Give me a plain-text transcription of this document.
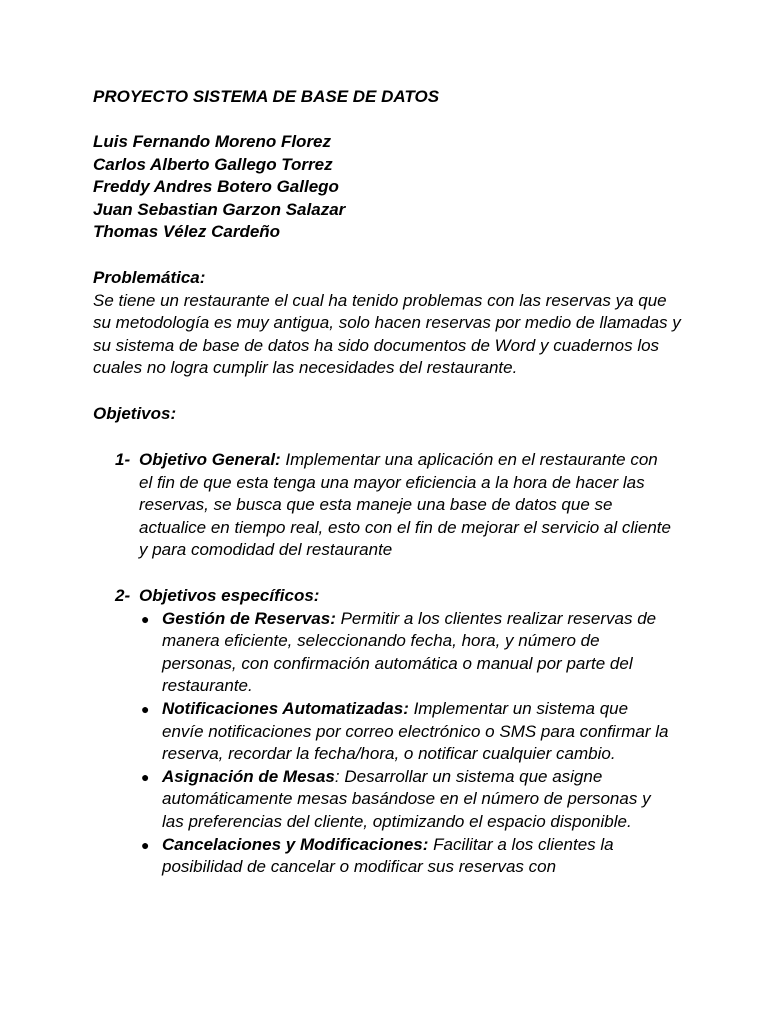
PROYECTO SISTEMA DE BASE DE DATOS
Luis Fernando Moreno Florez
Carlos Alberto Gallego Torrez
Freddy Andres Botero Gallego
Juan Sebastian Garzon Salazar
Thomas Vélez Cardeño
Problemática:
Se tiene un restaurante el cual ha tenido problemas con las reservas ya que su metodología es muy antigua, solo hacen reservas por medio de llamadas y su sistema de base de datos ha sido documentos de Word y cuadernos los cuales no logra cumplir las necesidades del restaurante.
Objetivos:
1- Objetivo General: Implementar una aplicación en el restaurante con el fin de que esta tenga una mayor eficiencia a la hora de hacer las reservas, se busca que esta maneje una base de datos que se actualice en tiempo real, esto con el fin de mejorar el servicio al cliente y para comodidad del restaurante
2- Objetivos específicos:
● Gestión de Reservas: Permitir a los clientes realizar reservas de manera eficiente, seleccionando fecha, hora, y número de personas, con confirmación automática o manual por parte del restaurante.
● Notificaciones Automatizadas: Implementar un sistema que envíe notificaciones por correo electrónico o SMS para confirmar la reserva, recordar la fecha/hora, o notificar cualquier cambio.
● Asignación de Mesas: Desarrollar un sistema que asigne automáticamente mesas basándose en el número de personas y las preferencias del cliente, optimizando el espacio disponible.
● Cancelaciones y Modificaciones: Facilitar a los clientes la posibilidad de cancelar o modificar sus reservas con
